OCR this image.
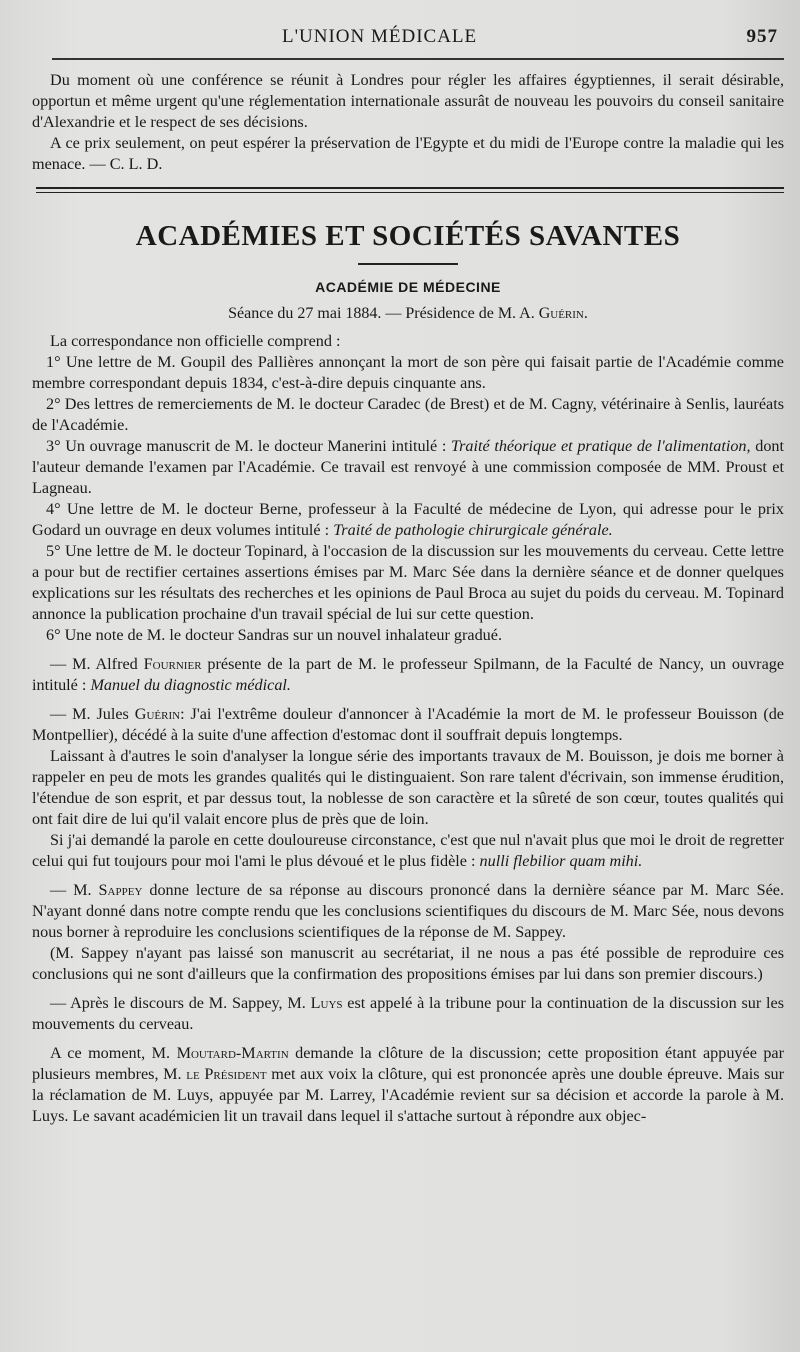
L'UNION MÉDICALE	957

Du moment où une conférence se réunit à Londres pour régler les affaires égyptiennes, il serait désirable, opportun et même urgent qu'une réglementation internationale assurât de nouveau les pouvoirs du conseil sanitaire d'Alexandrie et le respect de ses décisions.

A ce prix seulement, on peut espérer la préservation de l'Egypte et du midi de l'Europe contre la maladie qui les menace. — C. L. D.

ACADÉMIES ET SOCIÉTÉS SAVANTES
ACADÉMIE DE MÉDECINE
Séance du 27 mai 1884. — Présidence de M. A. Guérin.

La correspondance non officielle comprend :

1° Une lettre de M. Goupil des Pallières annonçant la mort de son père qui faisait partie de l'Académie comme membre correspondant depuis 1834, c'est-à-dire depuis cinquante ans.

2° Des lettres de remerciements de M. le docteur Caradec (de Brest) et de M. Cagny, vétérinaire à Senlis, lauréats de l'Académie.

3° Un ouvrage manuscrit de M. le docteur Manerini intitulé : Traité théorique et pratique de l'alimentation, dont l'auteur demande l'examen par l'Académie. Ce travail est renvoyé à une commission composée de MM. Proust et Lagneau.

4° Une lettre de M. le docteur Berne, professeur à la Faculté de médecine de Lyon, qui adresse pour le prix Godard un ouvrage en deux volumes intitulé : Traité de pathologie chirurgicale générale.

5° Une lettre de M. le docteur Topinard, à l'occasion de la discussion sur les mouvements du cerveau. Cette lettre a pour but de rectifier certaines assertions émises par M. Marc Sée dans la dernière séance et de donner quelques explications sur les résultats des recherches et les opinions de Paul Broca au sujet du poids du cerveau. M. Topinard annonce la publication prochaine d'un travail spécial de lui sur cette question.

6° Une note de M. le docteur Sandras sur un nouvel inhalateur gradué.

— M. Alfred Fournier présente de la part de M. le professeur Spilmann, de la Faculté de Nancy, un ouvrage intitulé : Manuel du diagnostic médical.

— M. Jules Guérin: J'ai l'extrême douleur d'annoncer à l'Académie la mort de M. le professeur Bouisson (de Montpellier), décédé à la suite d'une affection d'estomac dont il souffrait depuis longtemps.

Laissant à d'autres le soin d'analyser la longue série des importants travaux de M. Bouisson, je dois me borner à rappeler en peu de mots les grandes qualités qui le distinguaient. Son rare talent d'écrivain, son immense érudition, l'étendue de son esprit, et par dessus tout, la noblesse de son caractère et la sûreté de son cœur, toutes qualités qui ont fait dire de lui qu'il valait encore plus de près que de loin.

Si j'ai demandé la parole en cette douloureuse circonstance, c'est que nul n'avait plus que moi le droit de regretter celui qui fut toujours pour moi l'ami le plus dévoué et le plus fidèle : nulli flebilior quam mihi.

— M. Sappey donne lecture de sa réponse au discours prononcé dans la dernière séance par M. Marc Sée. N'ayant donné dans notre compte rendu que les conclusions scientifiques du discours de M. Marc Sée, nous devons nous borner à reproduire les conclusions scientifiques de la réponse de M. Sappey.

(M. Sappey n'ayant pas laissé son manuscrit au secrétariat, il ne nous a pas été possible de reproduire ces conclusions qui ne sont d'ailleurs que la confirmation des propositions émises par lui dans son premier discours.)

— Après le discours de M. Sappey, M. Luys est appelé à la tribune pour la continuation de la discussion sur les mouvements du cerveau.

A ce moment, M. Moutard-Martin demande la clôture de la discussion; cette proposition étant appuyée par plusieurs membres, M. le Président met aux voix la clôture, qui est prononcée après une double épreuve. Mais sur la réclamation de M. Luys, appuyée par M. Larrey, l'Académie revient sur sa décision et accorde la parole à M. Luys. Le savant académicien lit un travail dans lequel il s'attache surtout à répondre aux objec-
